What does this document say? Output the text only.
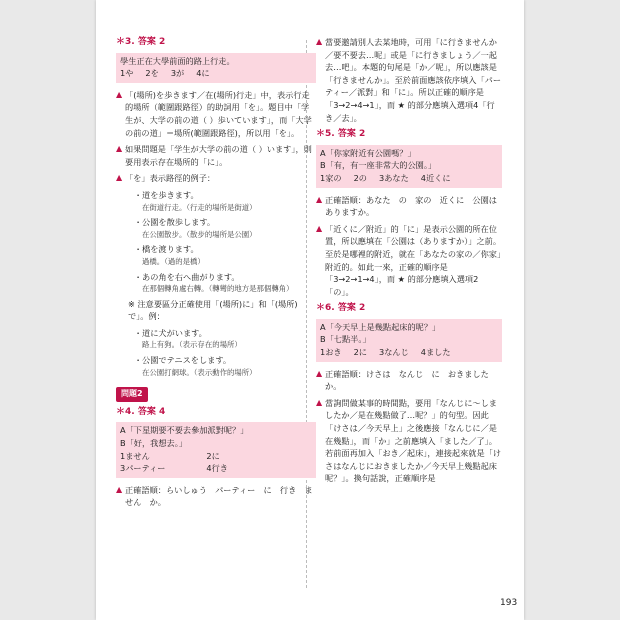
＊3. 答案 2
學生正在大學前面的路上行走。
1や 2を 3が 4に
▲ 「(場所)を歩きます／在(場所)行走」中，表示行走的場所（範圍跟路徑）的助詞用「を」。題目中「学生が、大学の前の道（ ）歩いています」，而「大学の前の道」＝場所(範圍跟路徑)，所以用「を」。
▲ 如果問題是「学生が大学の前の道（ ）います」，則要用表示存在場所的「に」。
▲ 「を」表示路徑的例子：
・ 道を歩きます。
在街道行走。（行走的場所是街道）
・ 公園を散歩します。
在公園散步。（散步的場所是公園）
・ 橋を渡ります。
過橋。（過的是橋）
・ あの角を右へ曲がります。
在那個轉角處右轉。（轉彎的地方是那個轉角）
※ 注意要區分正確使用「(場所)に」和「(場所)で」。例：
・ 道に犬がいます。
路上有狗。（表示存在的場所）
・ 公園でテニスをします。
在公園打網球。（表示動作的場所）
問題2
＊4. 答案 4
A「下星期要不要去參加派對呢？」
B「好，我想去。」
1ません	2に
3パーティー	4行き
▲ 正確語順：らいしゅう　パーティー　に　行き　ません　か。
▲ 當要邀請別人去某地時，可用「に行きませんか／要不要去…呢」或是「に行きましょう／一起去…吧」。本題的句尾是「か／呢」，所以應該是「行きませんか」。至於前面應該依序填入「パーティー／派對」和「に」。所以正確的順序是「3→2→4→1」，而 ★ 的部分應填入選項4「行き／去」。
＊5. 答案 2
A「你家附近有公園嗎？」
B「有，有一座非常大的公園。」
1家の 2の 3あなた 4近くに
▲ 正確語順：あなた　の　家の　近くに　公園は　ありますか。
▲ 「近くに／附近」的「に」是表示公園的所在位置，所以應填在「公園は（ありますか）」之前。至於是哪裡的附近，就在「あなたの家の／你家」附近的。如此一來，正確的順序是「3→2→1→4」，而 ★ 的部分應填入選項2「の」。
＊6. 答案 2
A「今天早上是幾點起床的呢？」
B「七點半。」
1おき 2に 3なんじ 4ました
▲ 正確語順：けさは　なんじ　に　おきましたか。
▲ 當詢問做某事的時間點，要用「なんじに～しましたか／是在幾點做了…呢？」的句型。因此「けさは／今天早上」之後應接「なんじに／是在幾點」，而「か」之前應填入「ました／了」。若前面再加入「おき／起床」，連接起來就是「けさはなんじにおきましたか／今天早上幾點起床呢？」。換句話說，正確順序是
193
